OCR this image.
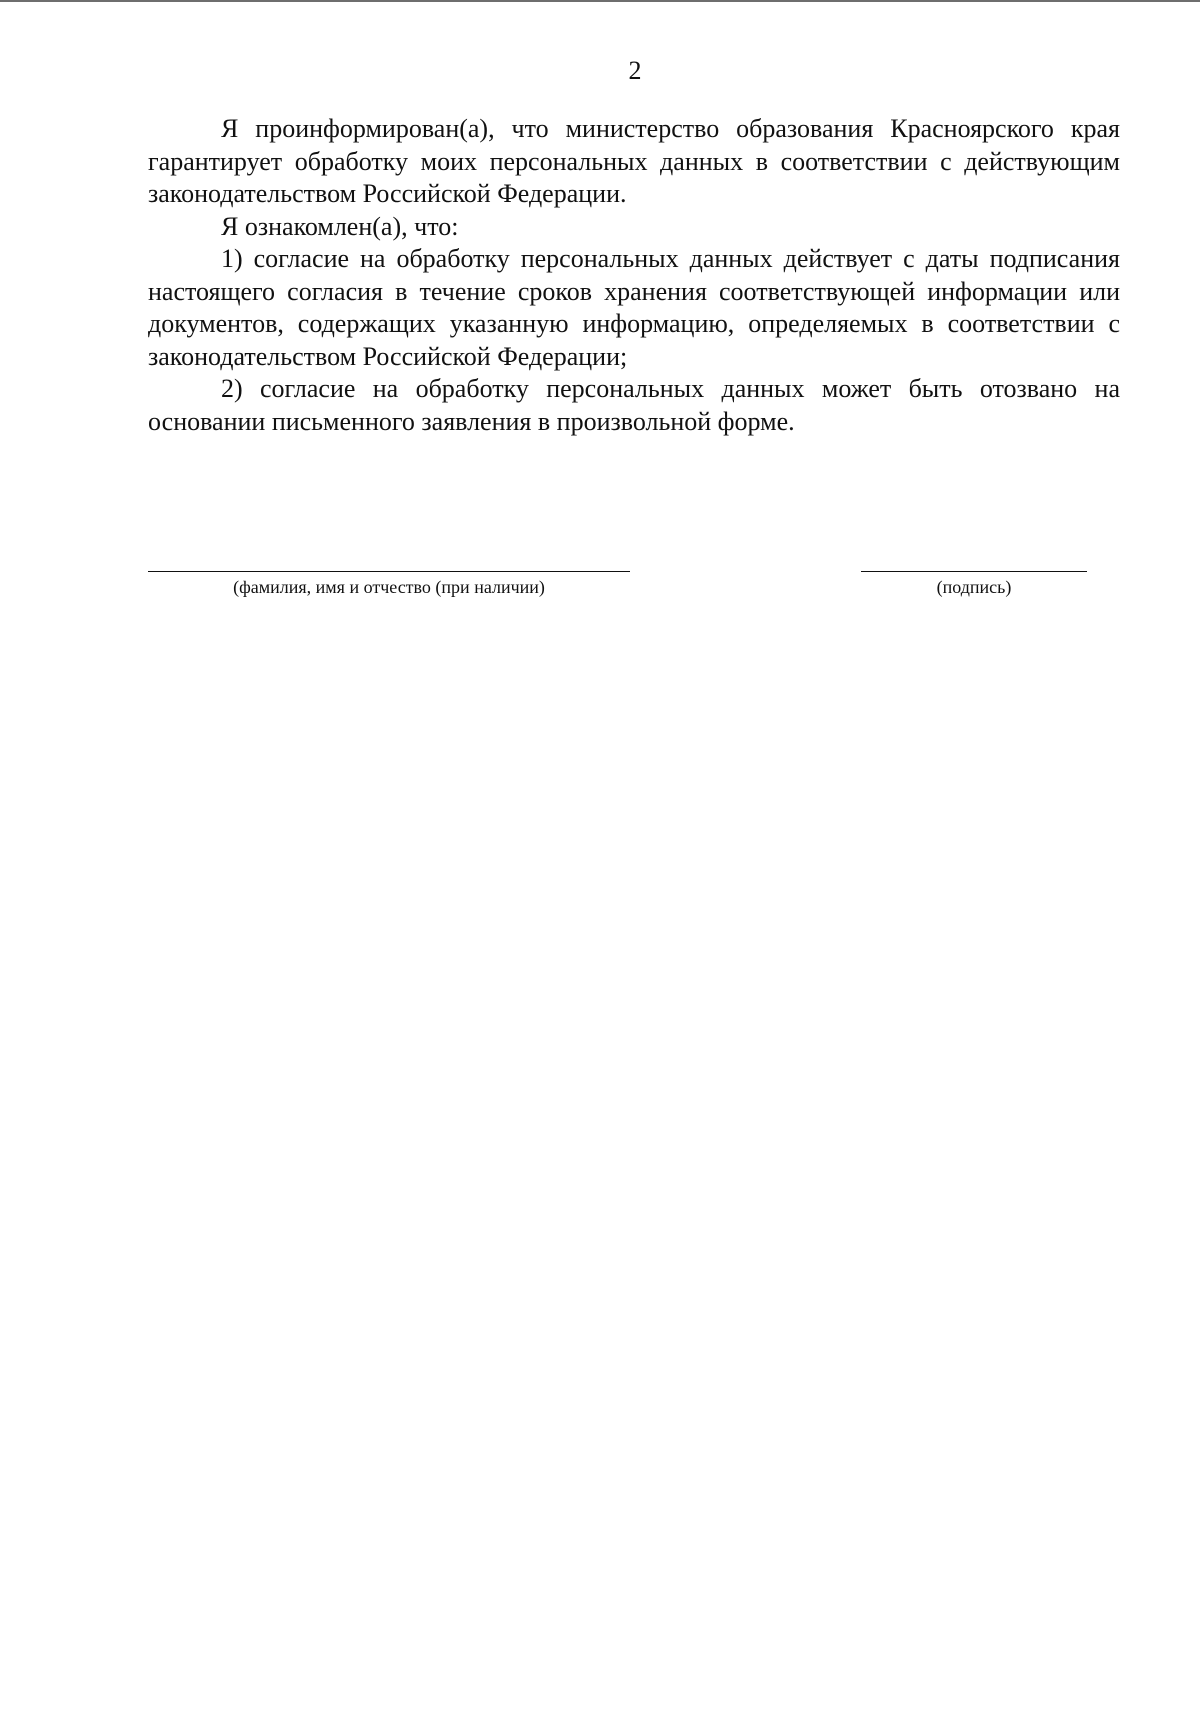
2

Я проинформирован(а), что министерство образования Красноярского края гарантирует обработку моих персональных данных в соответствии с действующим законодательством Российской Федерации.

Я ознакомлен(а), что:

1) согласие на обработку персональных данных действует с даты подписания настоящего согласия в течение сроков хранения соответствующей информации или документов, содержащих указанную информацию, определяемых в соответствии с законодательством Российской Федерации;

2) согласие на обработку персональных данных может быть отозвано на основании письменного заявления в произвольной форме.

(фамилия, имя и отчество (при наличии)	(подпись)
